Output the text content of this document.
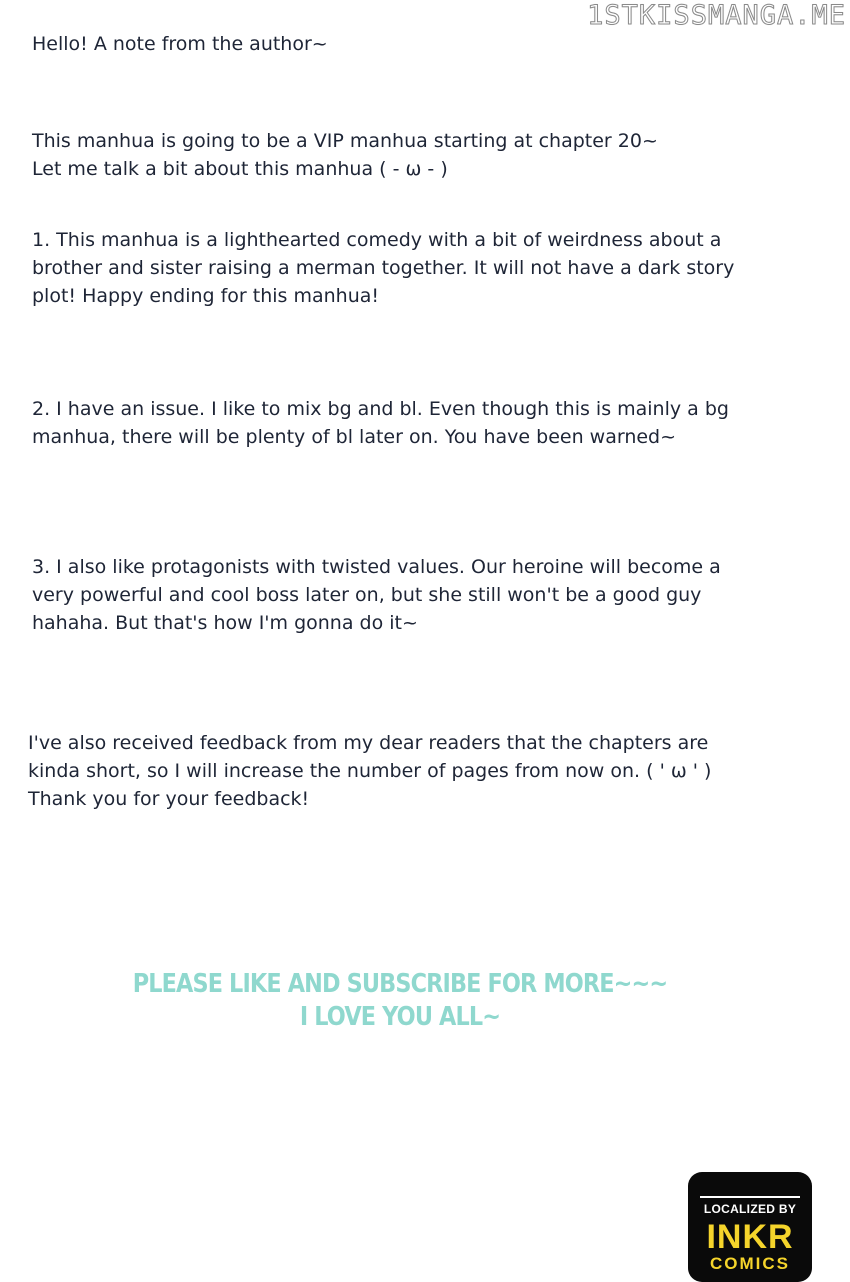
1STKISSMANGA.ME

Hello! A note from the author~

This manhua is going to be a VIP manhua starting at chapter 20~
Let me talk a bit about this manhua ( - ω - )

1. This manhua is a lighthearted comedy with a bit of weirdness about a
brother and sister raising a merman together. It will not have a dark story
plot! Happy ending for this manhua!

2. I have an issue. I like to mix bg and bl. Even though this is mainly a bg
manhua, there will be plenty of bl later on. You have been warned~

3. I also like protagonists with twisted values. Our heroine will become a
very powerful and cool boss later on, but she still won't be a good guy
hahaha. But that's how I'm gonna do it~

I've also received feedback from my dear readers that the chapters are
kinda short, so I will increase the number of pages from now on. ( ' ω ' )
Thank you for your feedback!

PLEASE LIKE AND SUBSCRIBE FOR MORE~~~
I LOVE YOU ALL~
LOCALIZED BY
INKR
COMICS
